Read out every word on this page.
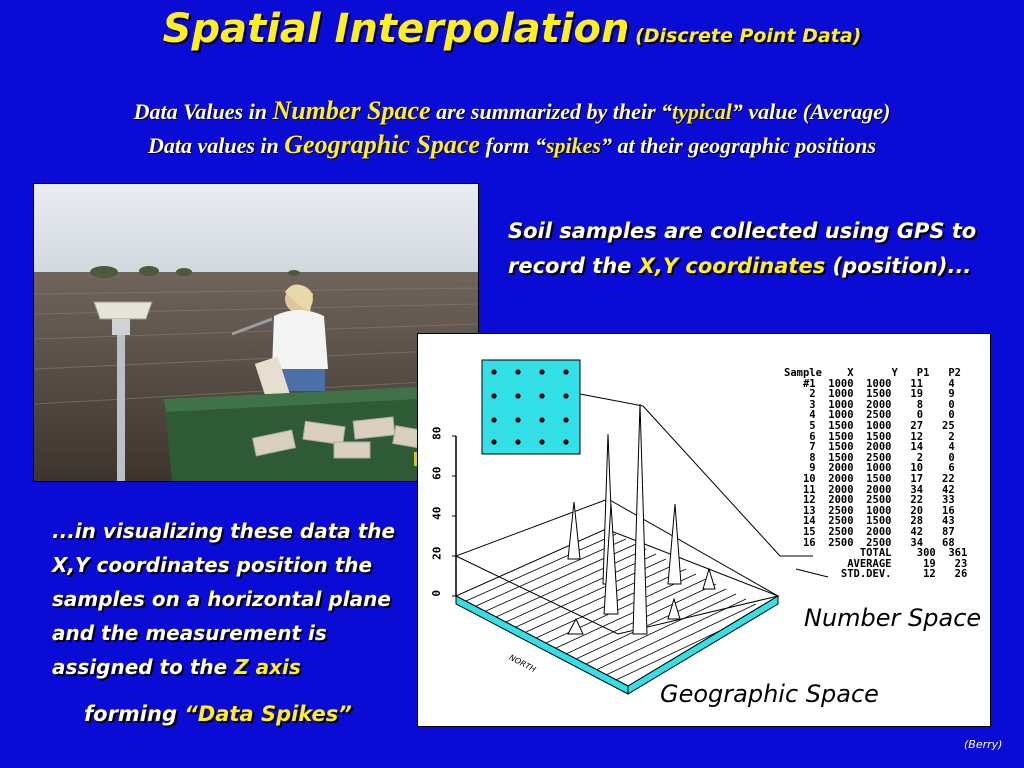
Spatial Interpolation (Discrete Point Data)
Data Values in Number Space are summarized by their “typical” value (Average)
Data values in Geographic Space form “spikes” at their geographic positions
Soil samples are collected using GPS to
record the X,Y coordinates (position)...
...in visualizing these data the
X,Y coordinates position the
samples on a horizontal plane
and the measurement is
assigned to the Z axis
forming “Data Spikes”
0
20
40
60
80
NORTH
Sample    X      Y   P1   P2
#1  1000  1000   11    4
2  1000  1500   19    9
3  1000  2000    8    0
4  1000  2500    0    0
5  1500  1000   27   25
6  1500  1500   12    2
7  1500  2000   14    4
8  1500  2500    2    0
9  2000  1000   10    6
10  2000  1500   17   22
11  2000  2000   34   42
12  2000  2500   22   33
13  2500  1000   20   16
14  2500  1500   28   43
15  2500  2000   42   87
16  2500  2500   34   68
TOTAL    300  361
AVERAGE     19   23
STD.DEV.     12   26
Number Space
Geographic Space
(Berry)
